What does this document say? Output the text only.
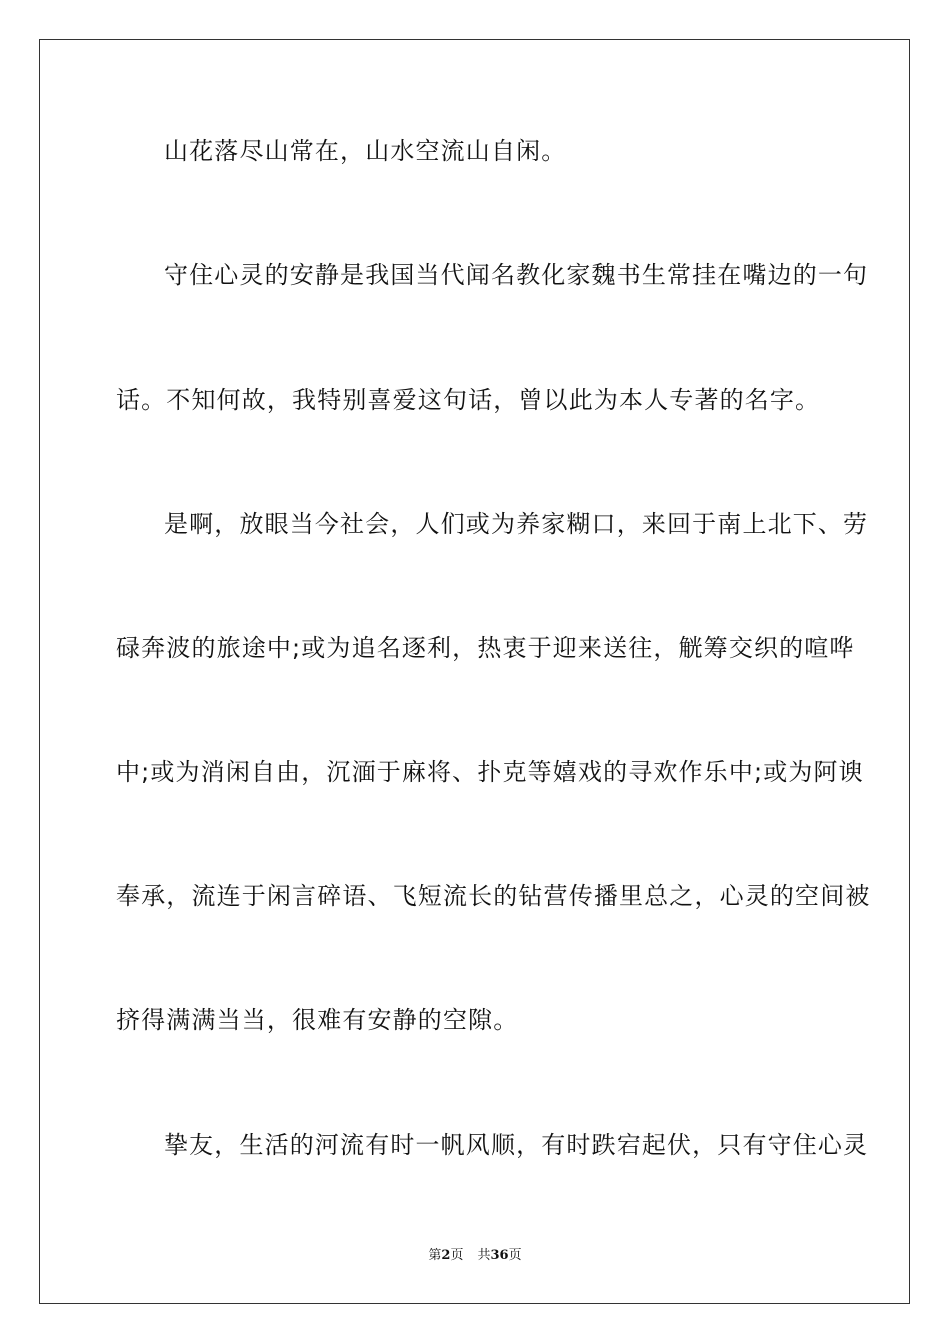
山花落尽山常在，山水空流山自闲。
守住心灵的安静是我国当代闻名教化家魏书生常挂在嘴边的一句
话。不知何故，我特别喜爱这句话，曾以此为本人专著的名字。
是啊，放眼当今社会，人们或为养家糊口，来回于南上北下、劳
碌奔波的旅途中;或为追名逐利，热衷于迎来送往，觥筹交织的喧哗
中;或为消闲自由，沉湎于麻将、扑克等嬉戏的寻欢作乐中;或为阿谀
奉承，流连于闲言碎语、飞短流长的钻营传播里总之，心灵的空间被
挤得满满当当，很难有安静的空隙。
挚友，生活的河流有时一帆风顺，有时跌宕起伏，只有守住心灵
第2页 共36页
